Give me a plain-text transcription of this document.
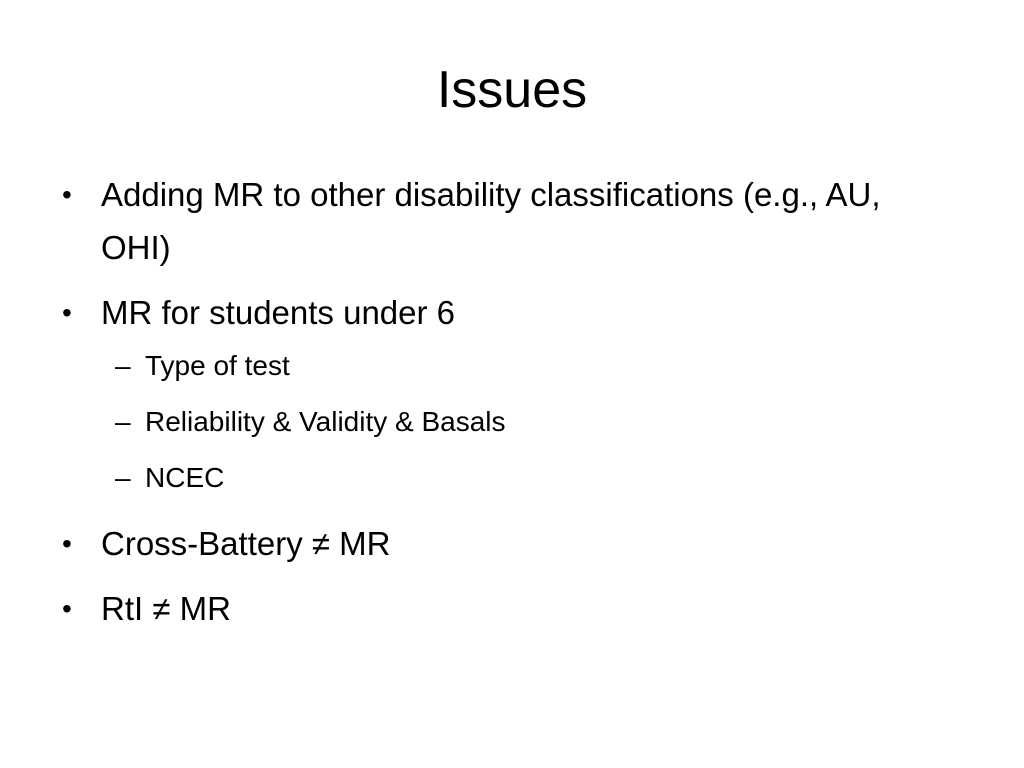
Issues
• Adding MR to other disability classifications (e.g., AU, OHI)
• MR for students under 6
– Type of test
– Reliability & Validity & Basals
– NCEC
• Cross-Battery ≠ MR
• RtI ≠ MR
